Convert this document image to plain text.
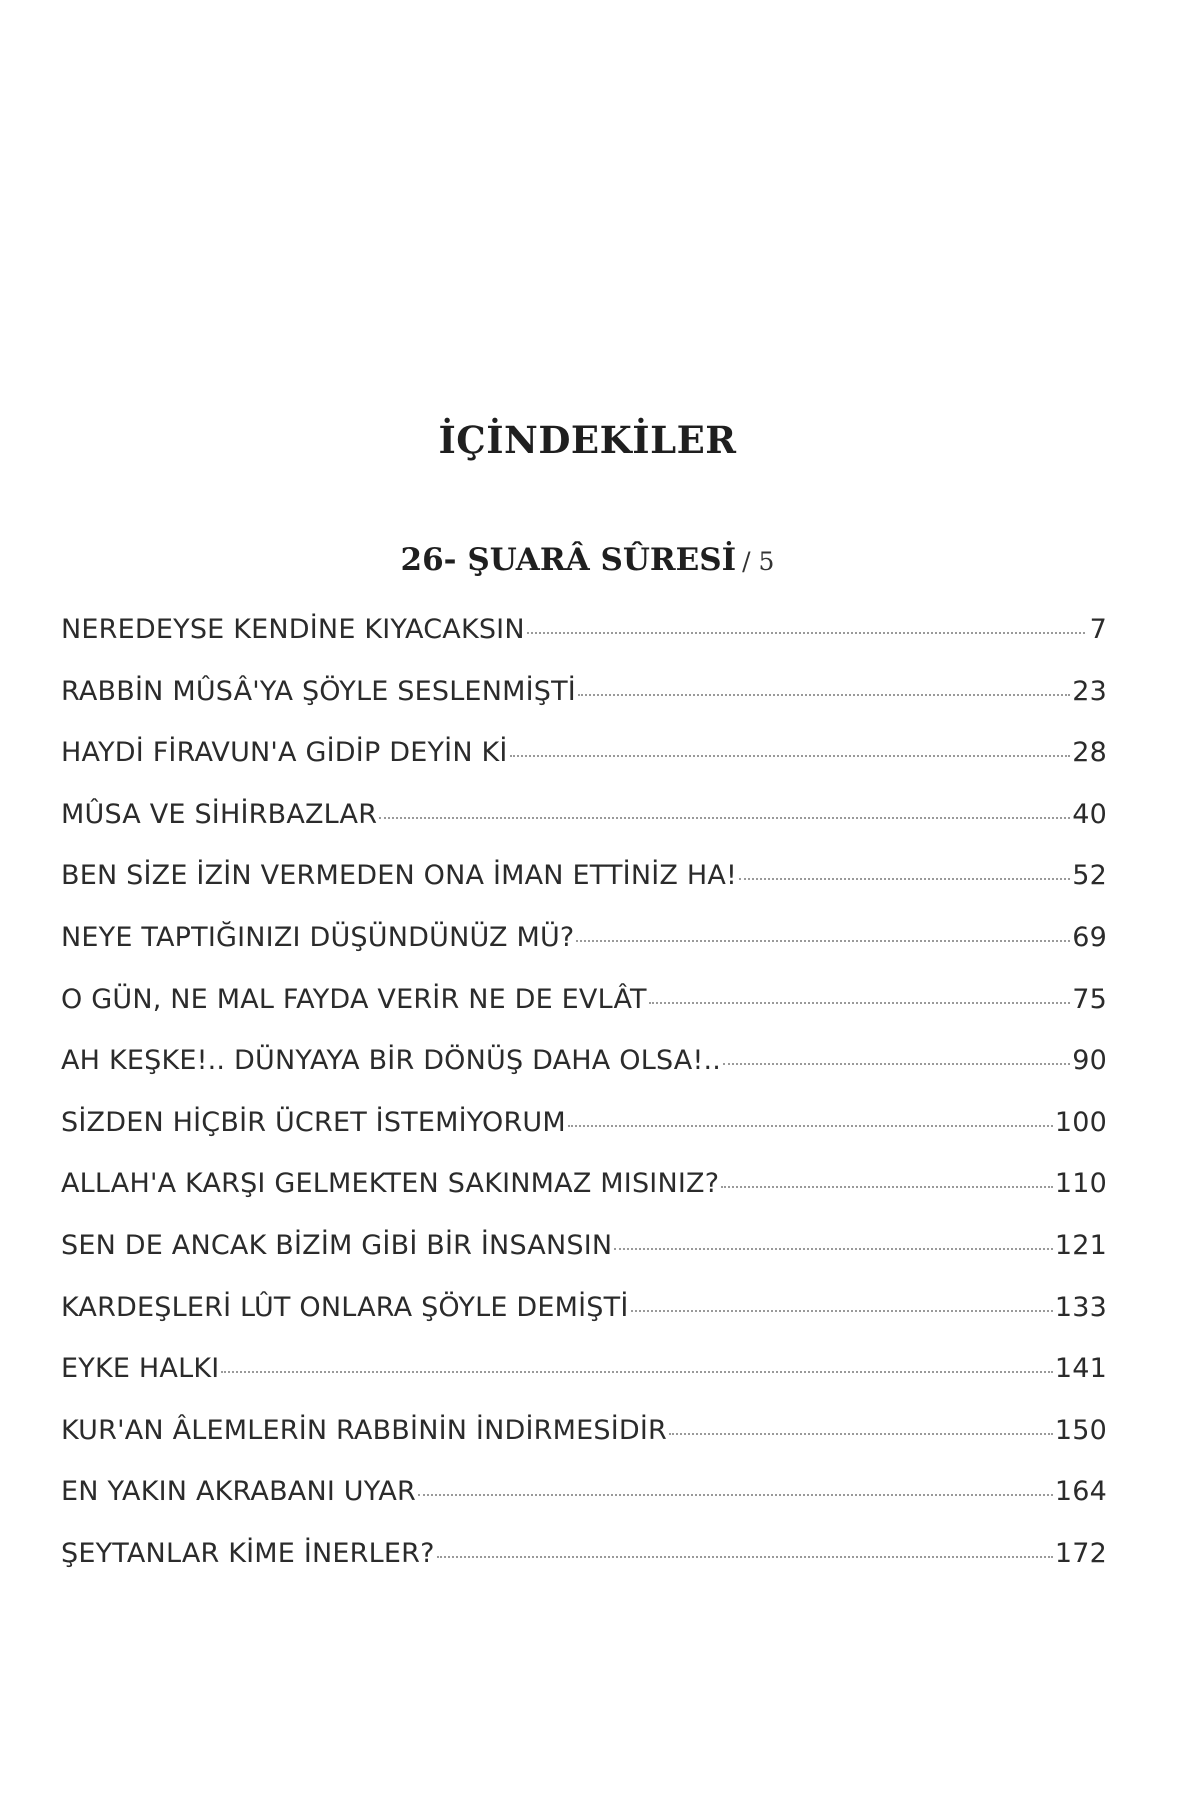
İÇİNDEKİLER
26- ŞUARÂ SÛRESİ / 5
NEREDEYSE KENDİNE KIYACAKSIN	7
RABBİN MÛSÂ'YA ŞÖYLE SESLENMİŞTİ	23
HAYDİ FİRAVUN'A GİDİP DEYİN Kİ	28
MÛSA VE SİHİRBAZLAR	40
BEN SİZE İZİN VERMEDEN ONA İMAN ETTİNİZ HA!	52
NEYE TAPTIĞINIZI DÜŞÜNDÜNÜZ MÜ?	69
O GÜN, NE MAL FAYDA VERİR NE DE EVLÂT	75
AH KEŞKE!.. DÜNYAYA BİR DÖNÜŞ DAHA OLSA!..	90
SİZDEN HİÇBİR ÜCRET İSTEMİYORUM	100
ALLAH'A KARŞI GELMEKTEN SAKINMAZ MISINIZ?	110
SEN DE ANCAK BİZİM GİBİ BİR İNSANSIN	121
KARDEŞLERİ LÛT ONLARA ŞÖYLE DEMİŞTİ	133
EYKE HALKI	141
KUR'AN ÂLEMLERİN RABBİNİN İNDİRMESİDİR	150
EN YAKIN AKRABANI UYAR	164
ŞEYTANLAR KİME İNERLER?	172
